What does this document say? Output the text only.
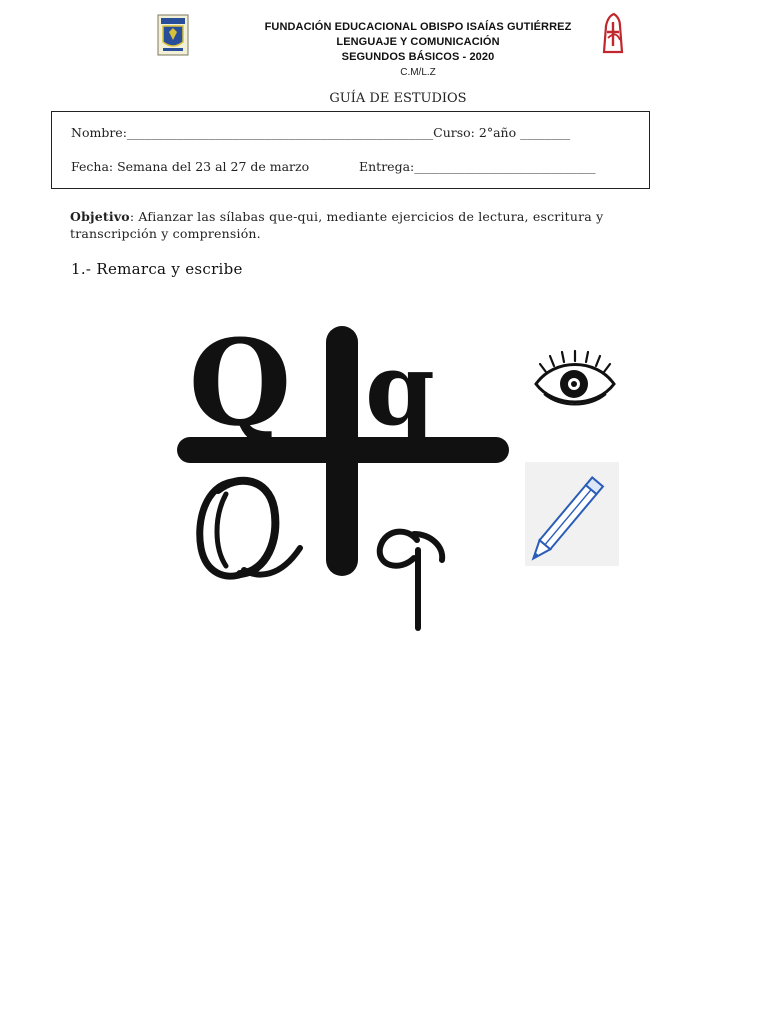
FUNDACIÓN EDUCACIONAL OBISPO ISAÍAS GUTIÉRREZ
LENGUAJE Y COMUNICACIÓN
SEGUNDOS BÁSICOS - 2020
C.M/L.Z
GUÍA DE ESTUDIOS
Nombre:_________________________________________________Curso: 2°año ________
Fecha: Semana del 23 al 27 de marzo	Entrega:_____________________________
Objetivo: Afianzar las sílabas que-qui, mediante ejercicios de lectura, escritura y transcripción y comprensión.
1.- Remarca y escribe
Q q
